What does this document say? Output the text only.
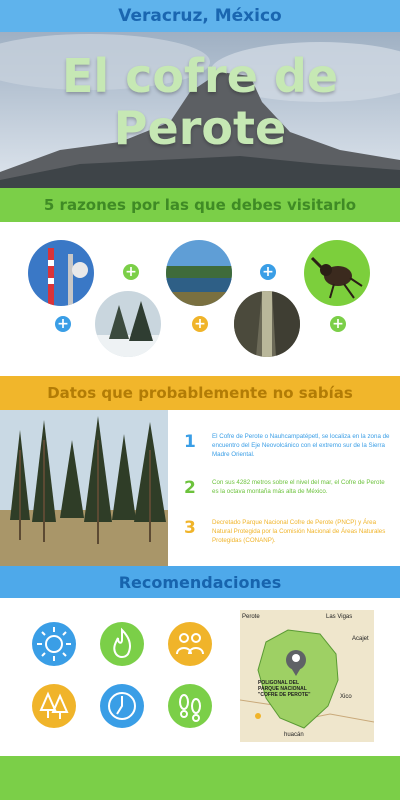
Veracruz, México
El cofre de Perote
5 razones por las que debes visitarlo
+
+
+
+
+
Datos que probablemente no sabías
1	El Cofre de Perote o Nauhcampatépetl, se localiza en la zona de encuentro del Eje Neovolcánico con el extremo sur de la Sierra Madre Oriental.
2	Con sus 4282 metros sobre el nivel del mar, el Cofre de Perote es la octava montaña más alta de México.
3	Decretado Parque Nacional Cofre de Perote (PNCP) y Área Natural Protegida por la Comisión Nacional de Áreas Naturales Protegidas (CONANP).
Recomendaciones
Perote	Las Vigas
Acajet
Xico
POLIGONAL DEL PARQUE NACIONAL "COFRE DE PEROTE"
huacán
